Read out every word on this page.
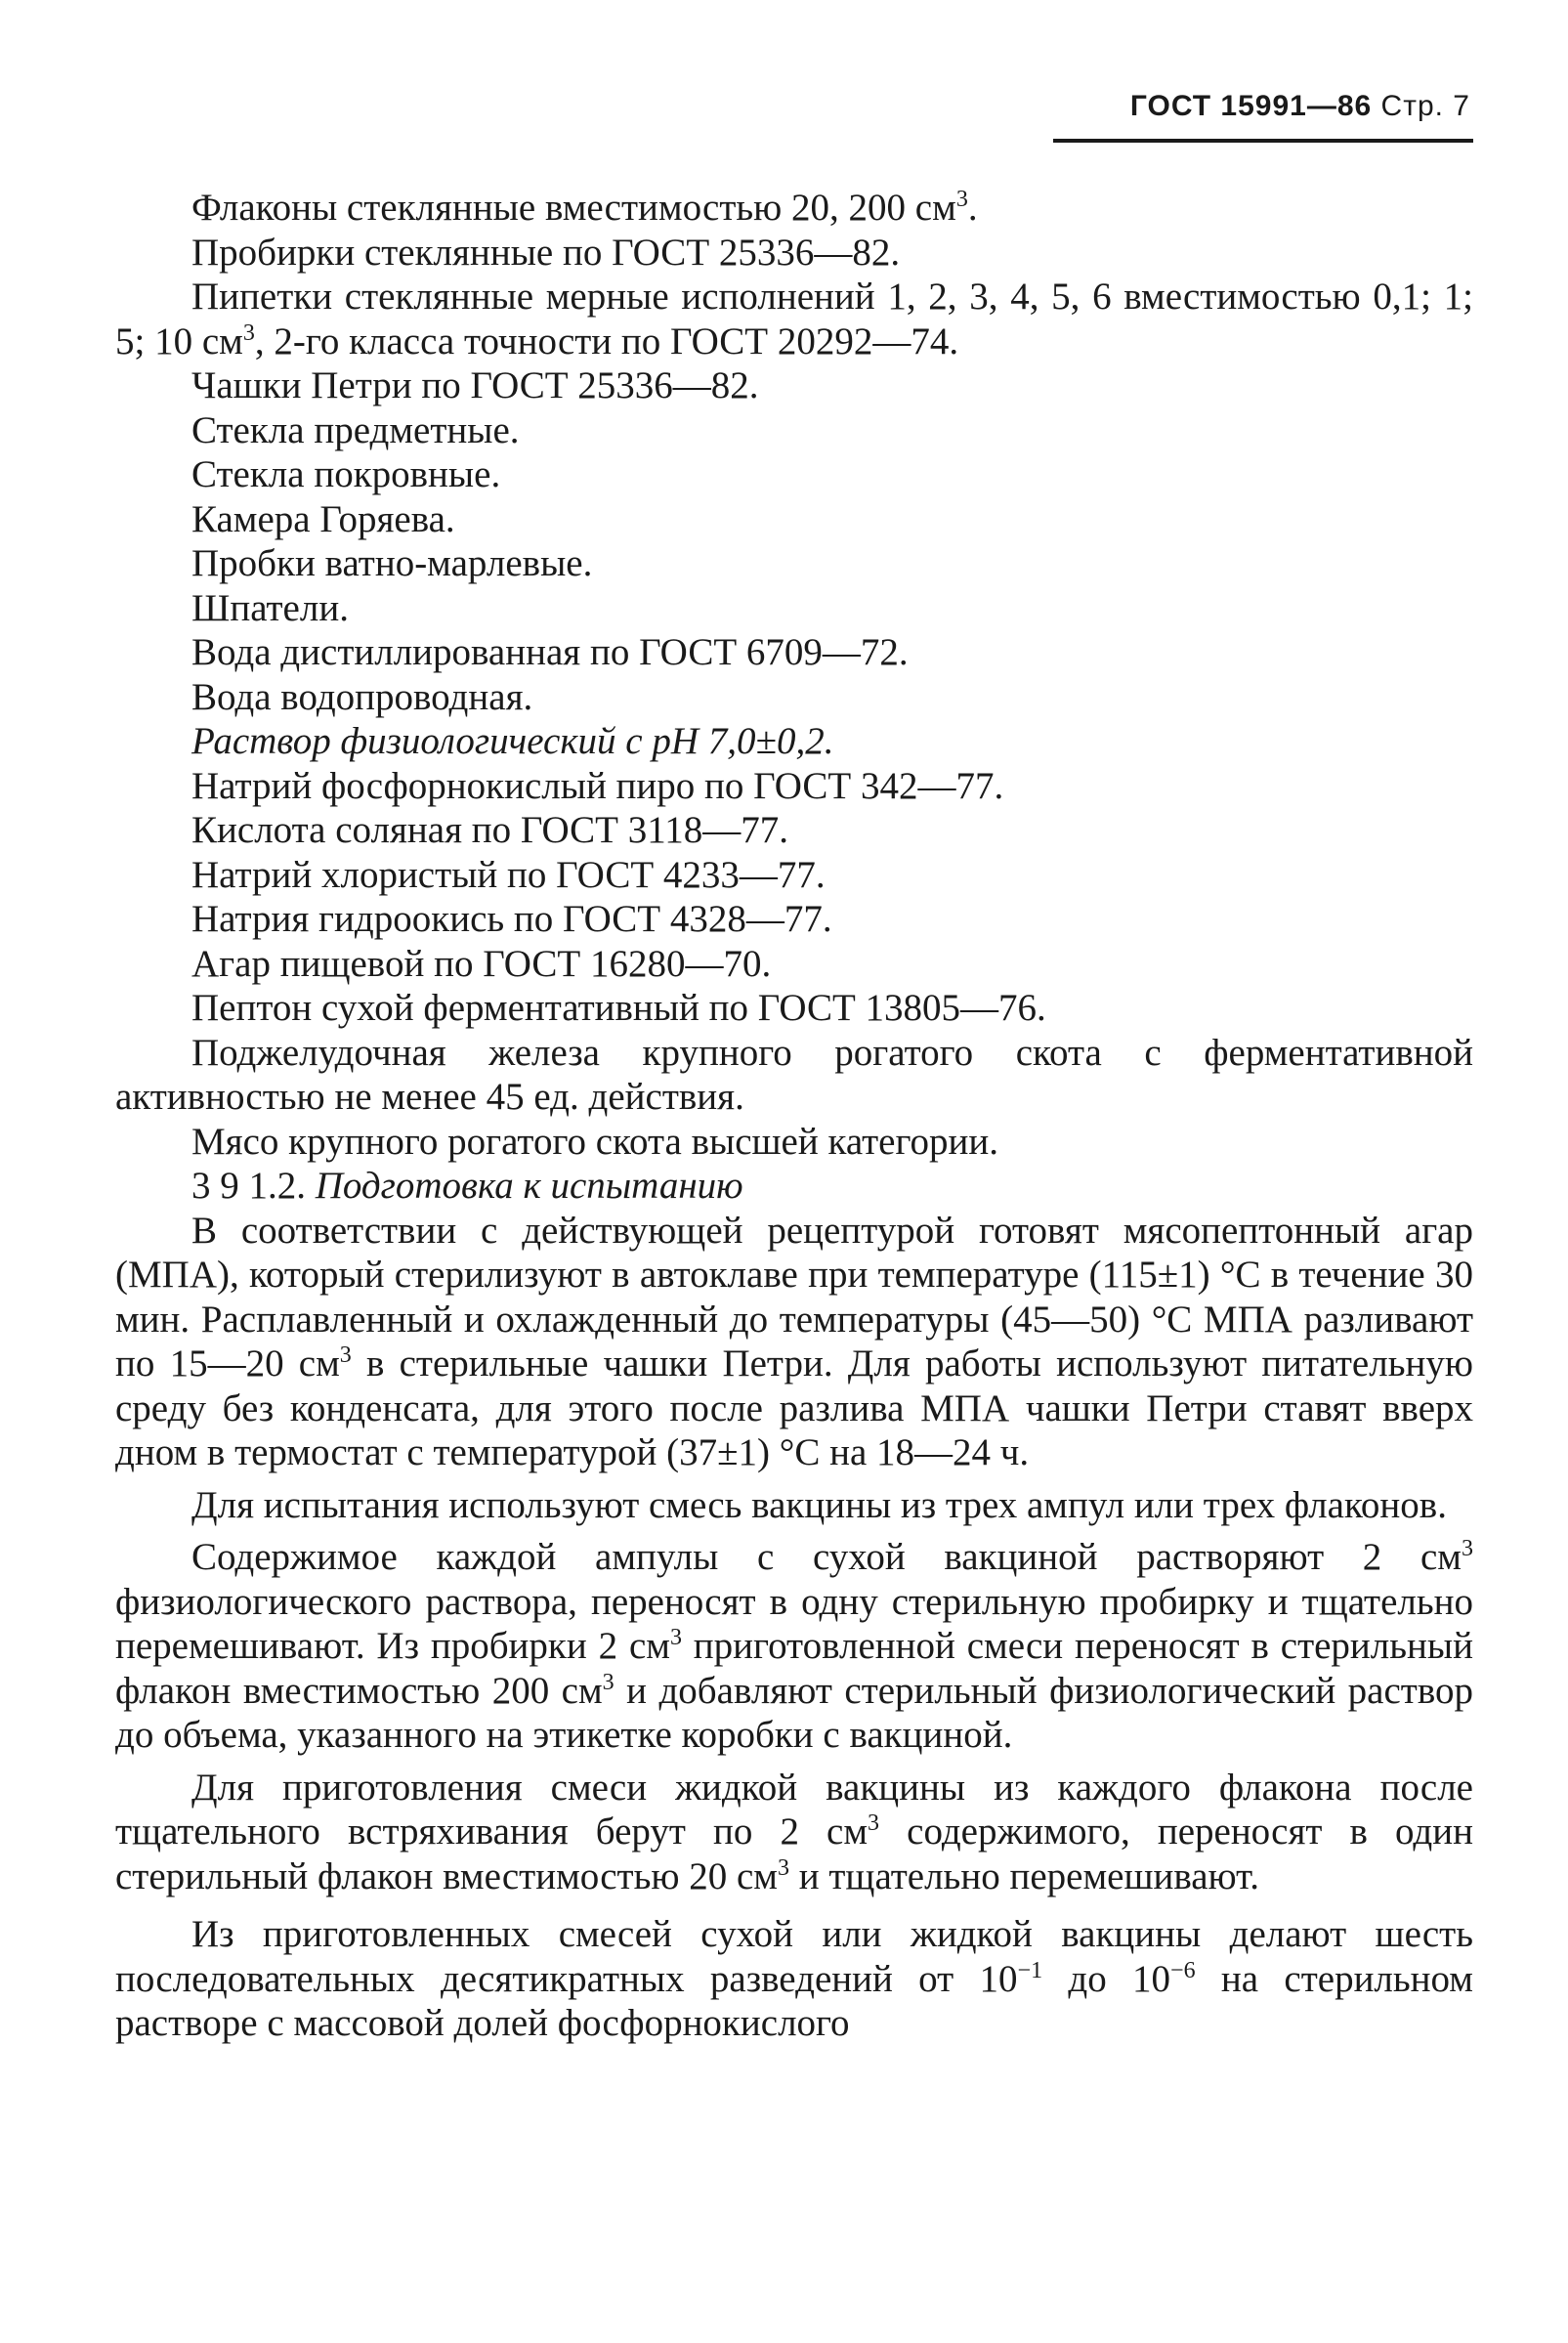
ГОСТ 15991—86 Стр. 7

Флаконы стеклянные вместимостью 20, 200 $см^3$.

Пробирки стеклянные по ГОСТ 25336—82.

Пипетки стеклянные мерные исполнений 1, 2, 3, 4, 5, 6 вместимостью 0,1; 1; 5; 10 $см^3$, 2-го класса точности по ГОСТ 20292—74.

Чашки Петри по ГОСТ 25336—82.

Стекла предметные.

Стекла покровные.

Камера Горяева.

Пробки ватно-марлевые.

Шпатели.

Вода дистиллированная по ГОСТ 6709—72.

Вода водопроводная.

Раствор физиологический с pH 7,0±0,2.

Натрий фосфорнокислый пиро по ГОСТ 342—77.

Кислота соляная по ГОСТ 3118—77.

Натрий хлористый по ГОСТ 4233—77.

Натрия гидроокись по ГОСТ 4328—77.

Агар пищевой по ГОСТ 16280—70.

Пептон сухой ферментативный по ГОСТ 13805—76.

Поджелудочная железа крупного рогатого скота с ферментативной активностью не менее 45 ед. действия.

Мясо крупного рогатого скота высшей категории.

3 9 1.2. Подготовка к испытанию

В соответствии с действующей рецептурой готовят мясопептонный агар (МПА), который стерилизуют в автоклаве при температуре (115±1) °С в течение 30 мин. Расплавленный и охлажденный до температуры (45—50) °С МПА разливают по 15—20 $см^3$ в стерильные чашки Петри. Для работы используют питательную среду без конденсата, для этого после разлива МПА чашки Петри ставят вверх дном в термостат с температурой (37±1) °С на 18—24 ч.

Для испытания используют смесь вакцины из трех ампул или трех флаконов.

Содержимое каждой ампулы с сухой вакциной растворяют 2 $см^3$ физиологического раствора, переносят в одну стерильную пробирку и тщательно перемешивают. Из пробирки 2 $см^3$ приготовленной смеси переносят в стерильный флакон вместимостью 200 $см^3$ и добавляют стерильный физиологический раствор до объема, указанного на этикетке коробки с вакциной.

Для приготовления смеси жидкой вакцины из каждого флакона после тщательного встряхивания берут по 2 $см^3$ содержимого, переносят в один стерильный флакон вместимостью 20 $см^3$ и тщательно перемешивают.

Из приготовленных смесей сухой или жидкой вакцины делают шесть последовательных десятикратных разведений от $10^{-1}$ до $10^{-6}$ на стерильном растворе с массовой долей фосфорнокислого
